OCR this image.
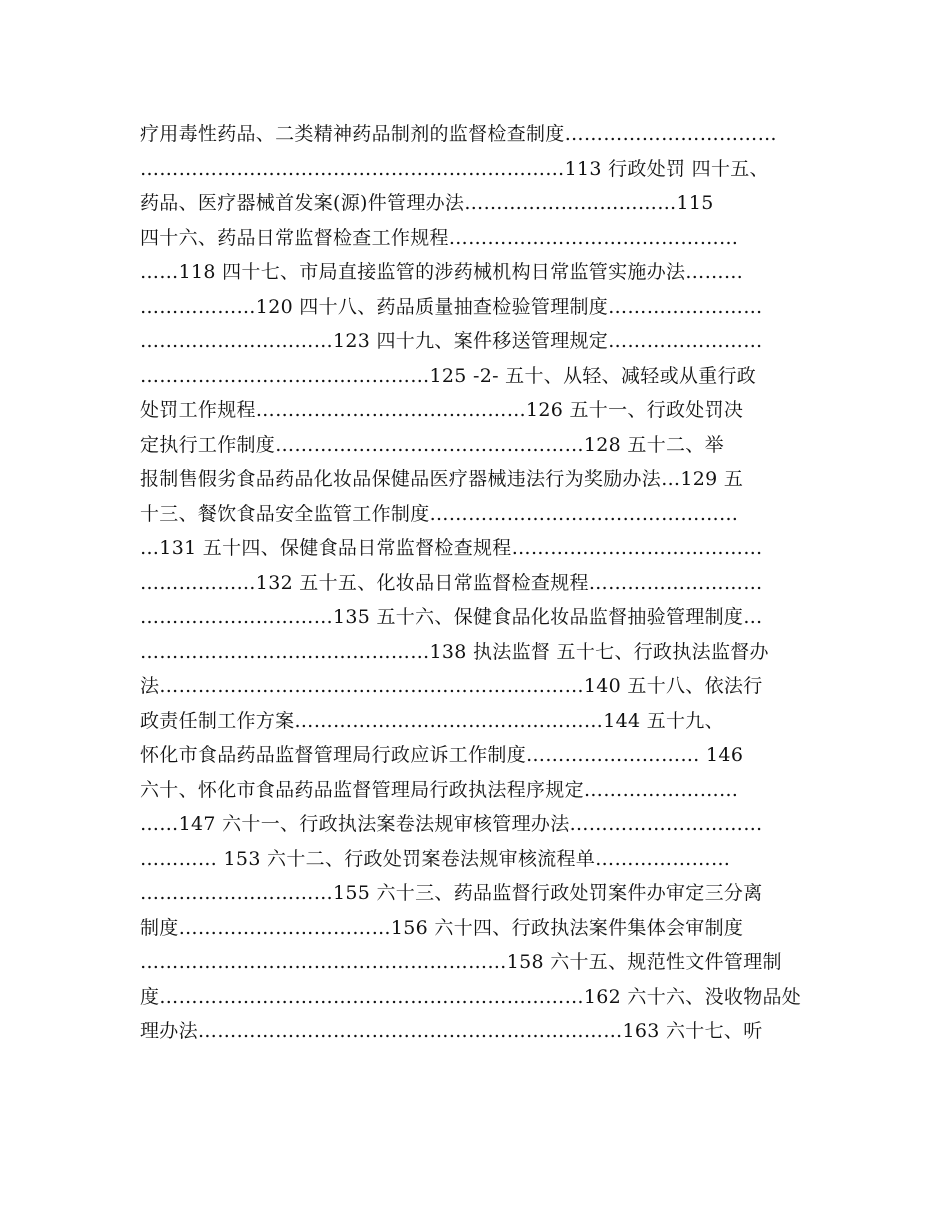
疗用毒性药品、二类精神药品制剂的监督检查制度……………………………
…………………………………………………………113 行政处罚 四十五、
药品、医疗器械首发案(源)件管理办法……………………………115
四十六、药品日常监督检查工作规程………………………………………
……118 四十七、市局直接监管的涉药械机构日常监管实施办法………
………………120 四十八、药品质量抽查检验管理制度……………………
…………………………123 四十九、案件移送管理规定……………………
………………………………………125 -2- 五十、从轻、减轻或从重行政
处罚工作规程……………………………………126 五十一、行政处罚决
定执行工作制度…………………………………………128 五十二、举
报制售假劣食品药品化妆品保健品医疗器械违法行为奖励办法…129 五
十三、餐饮食品安全监管工作制度…………………………………………
…131 五十四、保健食品日常监督检查规程…………………………………
………………132 五十五、化妆品日常监督检查规程………………………
…………………………135 五十六、保健食品化妆品监督抽验管理制度…
………………………………………138 执法监督 五十七、行政执法监督办
法…………………………………………………………140 五十八、依法行
政责任制工作方案…………………………………………144 五十九、
怀化市食品药品监督管理局行政应诉工作制度……………………… 146
六十、怀化市食品药品监督管理局行政执法程序规定……………………
……147 六十一、行政执法案卷法规审核管理办法…………………………
………… 153 六十二、行政处罚案卷法规审核流程单…………………
…………………………155 六十三、药品监督行政处罚案件办审定三分离
制度……………………………156 六十四、行政执法案件集体会审制度
…………………………………………………158 六十五、规范性文件管理制
度…………………………………………………………162 六十六、没收物品处
理办法…………………………………………………………163 六十七、听
